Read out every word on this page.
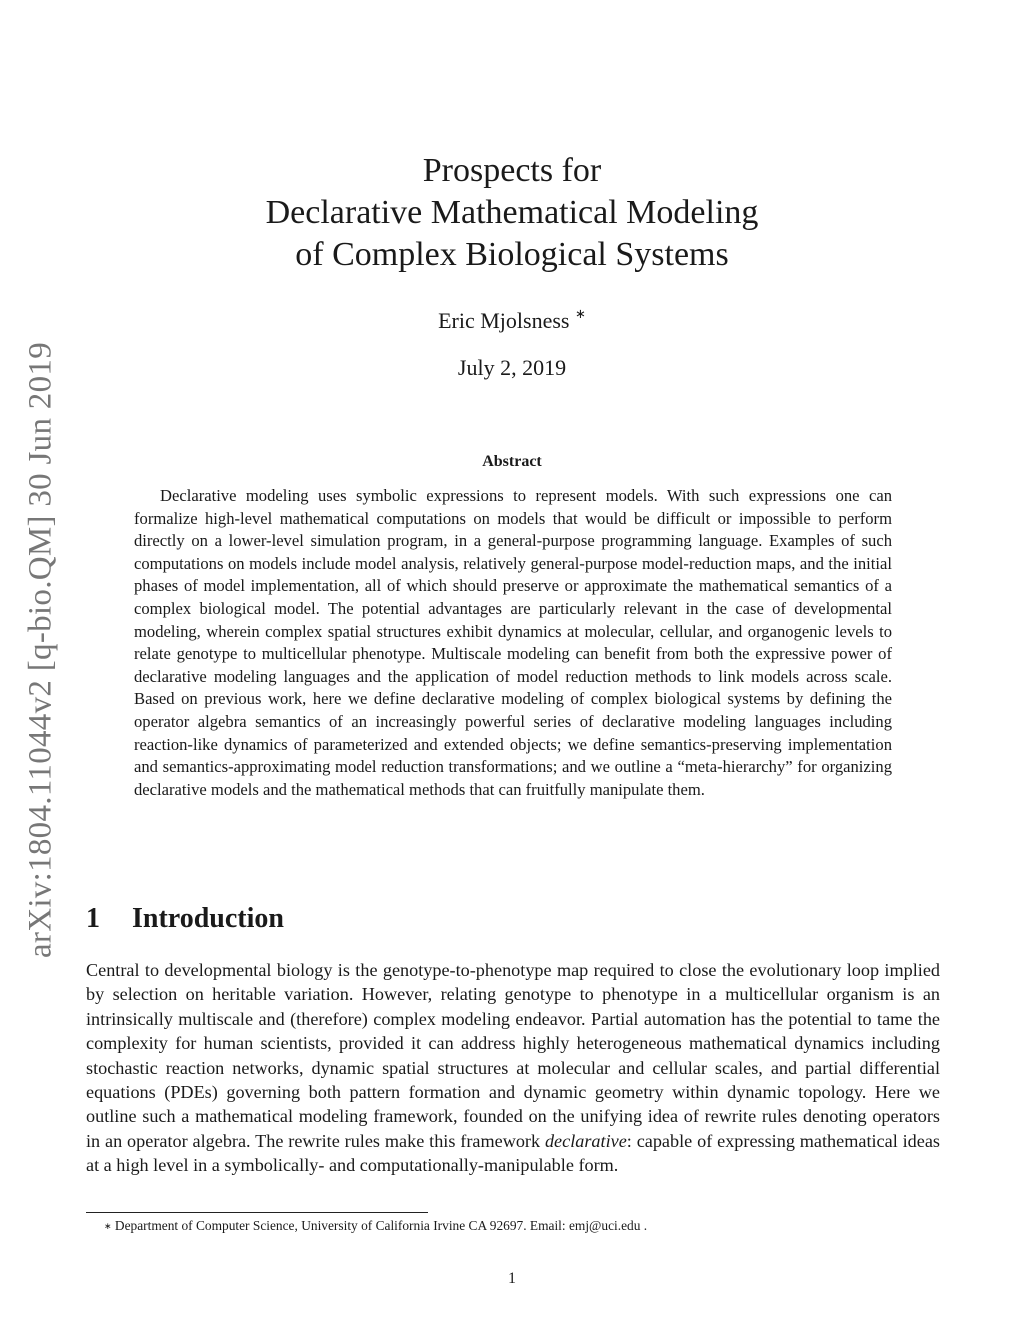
arXiv:1804.11044v2 [q-bio.QM] 30 Jun 2019
Prospects for
Declarative Mathematical Modeling
of Complex Biological Systems
Eric Mjolsness ∗
July 2, 2019
Abstract
Declarative modeling uses symbolic expressions to represent models. With such expressions one can formalize high-level mathematical computations on models that would be difficult or impossible to perform directly on a lower-level simulation program, in a general-purpose programming language. Examples of such computations on models include model analysis, relatively general-purpose model-reduction maps, and the initial phases of model implementation, all of which should preserve or approximate the mathematical semantics of a complex biological model. The potential advantages are particularly relevant in the case of developmental modeling, wherein complex spatial structures exhibit dynamics at molecular, cellular, and organogenic levels to relate genotype to multicellular phenotype. Multiscale modeling can benefit from both the expressive power of declarative modeling languages and the application of model reduction methods to link models across scale. Based on previous work, here we define declarative modeling of complex biological systems by defining the operator algebra semantics of an increasingly powerful series of declarative modeling languages including reaction-like dynamics of parameterized and extended objects; we define semantics-preserving implementation and semantics-approximating model reduction transformations; and we outline a “meta-hierarchy” for organizing declarative models and the mathematical methods that can fruitfully manipulate them.
1 Introduction
Central to developmental biology is the genotype-to-phenotype map required to close the evolutionary loop implied by selection on heritable variation. However, relating genotype to phenotype in a multicellular organism is an intrinsically multiscale and (therefore) complex modeling endeavor. Partial automation has the potential to tame the complexity for human scientists, provided it can address highly heterogeneous mathematical dynamics including stochastic reaction networks, dynamic spatial structures at molecular and cellular scales, and partial differential equations (PDEs) governing both pattern formation and dynamic geometry within dynamic topology. Here we outline such a mathematical modeling framework, founded on the unifying idea of rewrite rules denoting operators in an operator algebra. The rewrite rules make this framework declarative: capable of expressing mathematical ideas at a high level in a symbolically- and computationally-manipulable form.
∗ Department of Computer Science, University of California Irvine CA 92697. Email: emj@uci.edu .
1
